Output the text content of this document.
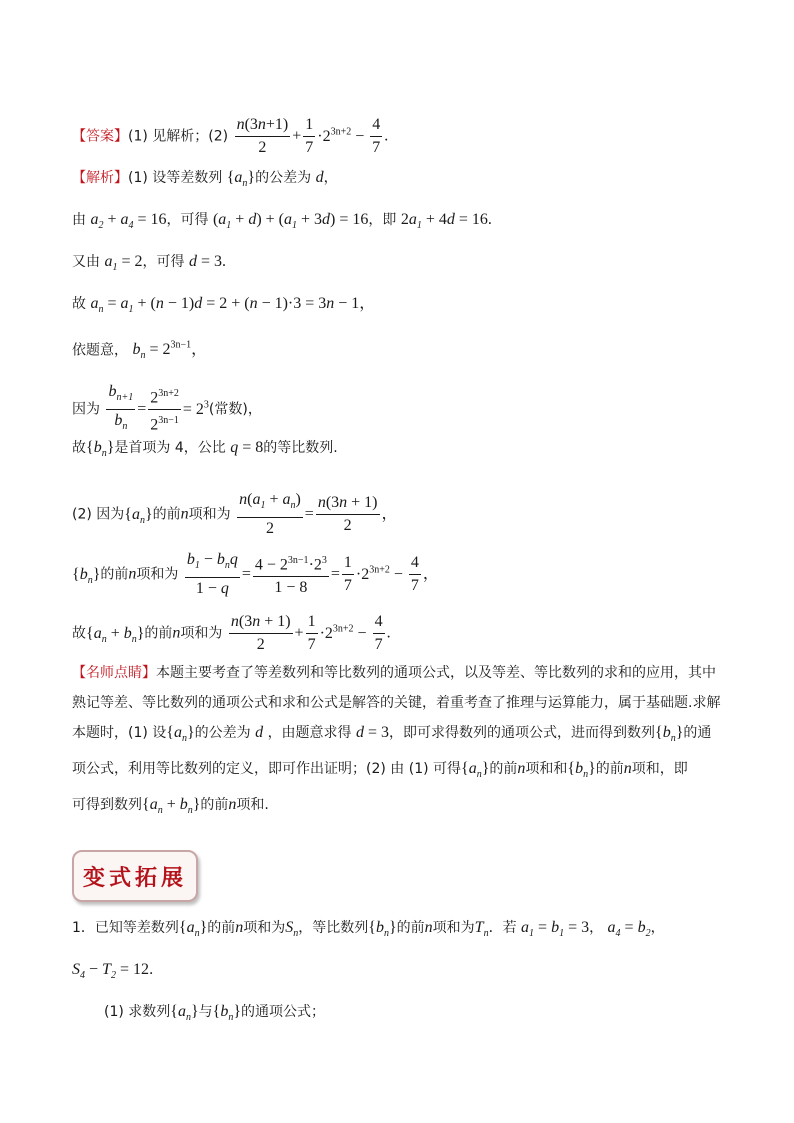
【答案】(1) 见解析；$(2) \frac{n(3n+1)}{2} + \frac{1}{7} \cdot 2^{3n+2} - \frac{4}{7}$ .
【解析】(1) 设等差数列 $\{a_n\}$的公差为 d，
由 $a_2 + a_4 = 16$，可得 $(a_1 + d) + (a_1 + 3d) = 16$，即 $2a_1 + 4d = 16$.
又由 $a_1 = 2$，可得 d = 3.
故 $a_n = a_1 + (n - 1)d = 2 + (n - 1)\cdot 3 = 3n - 1$，
依题意， $b_n = 2^{3n-1}$，
因为 $\frac{b_{n+1}}{b_n} = \frac{2^{3n+2}}{2^{3n-1}} = 2^3$(常数)，
故$\{b_n\}$是首项为 4，公比 q = 8的等比数列.
(2) 因为$\{a_n\}$的前n项和为 $\frac{n(a_1 + a_n)}{2} = \frac{n(3n + 1)}{2}$ ，
$\{b_n\}$的前n项和为 $\frac{b_1 - b_nq}{1 - q} = \frac{4 - 2^{3n-1}\cdot 2^3}{1 - 8} = \frac{1}{7} \cdot 2^{3n+2} - \frac{4}{7}$ ，
故$\{a_n + b_n\}$的前n项和为 $\frac{n(3n + 1)}{2} + \frac{1}{7} \cdot 2^{3n+2} - \frac{4}{7}$ .
【名师点睛】本题主要考查了等差数列和等比数列的通项公式，以及等差、等比数列的求和的应用，其中
熟记等差、等比数列的通项公式和求和公式是解答的关键，着重考查了推理与运算能力，属于基础题.求解
本题时，(1) 设$\{a_n\}$的公差为 d ，由题意求得 d = 3，即可求得数列的通项公式，进而得到数列$\{b_n\}$的通
项公式，利用等比数列的定义，即可作出证明；(2) 由 (1) 可得$\{a_n\}$的前n项和和$\{b_n\}$的前n项和，即
可得到数列$\{a_n + b_n\}$的前n项和.
变式拓展
1．已知等差数列$\{a_n\}$的前n项和为$S_n$，等比数列$\{b_n\}$的前n项和为$T_n$．若 $a_1 = b_1 = 3$， $a_4 = b_2$，
$S_4 - T_2 = 12$．
(1) 求数列$\{a_n\}$与$\{b_n\}$的通项公式；
